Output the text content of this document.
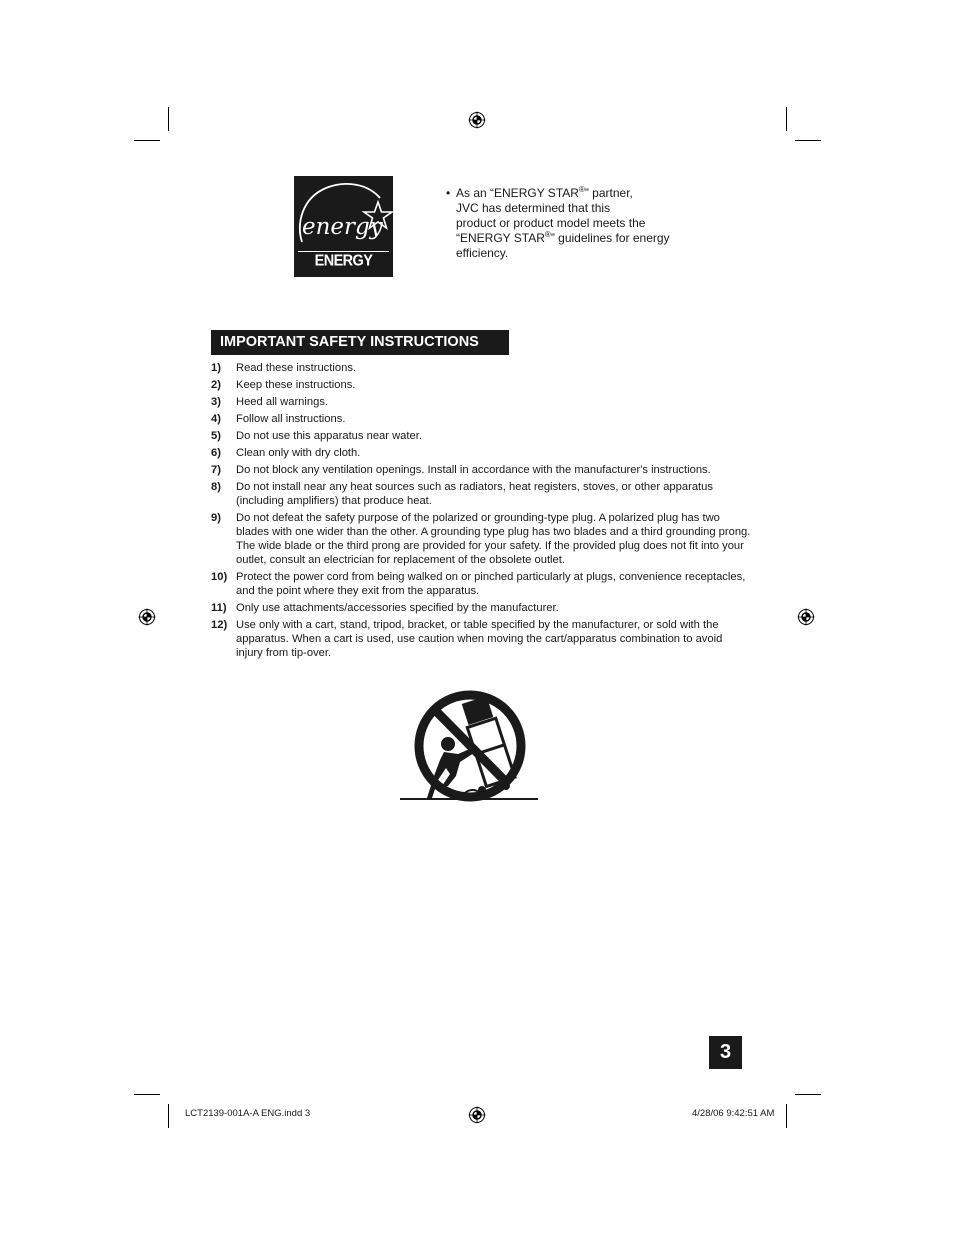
energy
ENERGY STAR
• As an “ENERGY STAR®” partner,
JVC has determined that this
product or product model meets the
“ENERGY STAR®” guidelines for energy
efficiency.
IMPORTANT SAFETY INSTRUCTIONS
1) Read these instructions.
2) Keep these instructions.
3) Heed all warnings.
4) Follow all instructions.
5) Do not use this apparatus near water.
6) Clean only with dry cloth.
7) Do not block any ventilation openings. Install in accordance with the manufacturer's instructions.
8) Do not install near any heat sources such as radiators, heat registers, stoves, or other apparatus (including amplifiers) that produce heat.
9) Do not defeat the safety purpose of the polarized or grounding-type plug. A polarized plug has two blades with one wider than the other. A grounding type plug has two blades and a third grounding prong. The wide blade or the third prong are provided for your safety. If the provided plug does not fit into your outlet, consult an electrician for replacement of the obsolete outlet.
10) Protect the power cord from being walked on or pinched particularly at plugs, convenience receptacles, and the point where they exit from the apparatus.
11) Only use attachments/accessories specified by the manufacturer.
12) Use only with a cart, stand, tripod, bracket, or table specified by the manufacturer, or sold with the apparatus. When a cart is used, use caution when moving the cart/apparatus combination to avoid injury from tip-over.
3
LCT2139-001A-A ENG.indd 3	4/28/06 9:42:51 AM
